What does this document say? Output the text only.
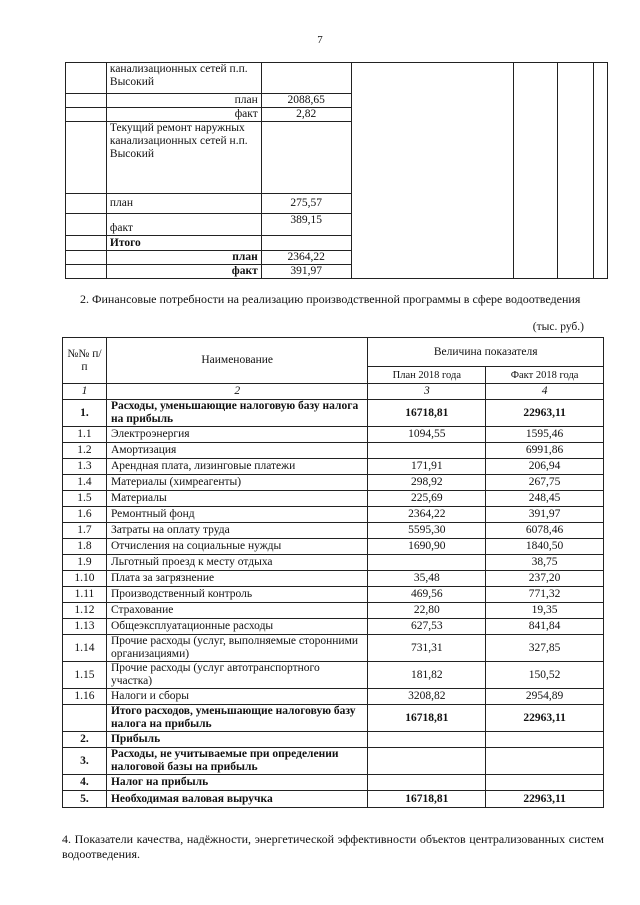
7
	канализационных сетей п.п. Высокий					
	план	2088,65				
	факт	2,82				
	Текущий ремонт наружных канализационных сетей н.п. Высокий					
	план	275,57				
	факт	389,15				
	Итого					
	план	2364,22				
	факт	391,97				
2. Финансовые потребности на реализацию производственной программы в сфере водоотведения
(тыс. руб.)
№№ п/п	Наименование	Величина показателя	
		План 2018 года	Факт 2018 года
1	2	3	4
1.	Расходы, уменьшающие налоговую базу налога на прибыль	16718,81	22963,11
1.1	Электроэнергия	1094,55	1595,46
1.2	Амортизация		6991,86
1.3	Арендная плата, лизинговые платежи	171,91	206,94
1.4	Материалы (химреагенты)	298,92	267,75
1.5	Материалы	225,69	248,45
1.6	Ремонтный фонд	2364,22	391,97
1.7	Затраты на оплату труда	5595,30	6078,46
1.8	Отчисления на социальные нужды	1690,90	1840,50
1.9	Льготный проезд к месту отдыха		38,75
1.10	Плата за загрязнение	35,48	237,20
1.11	Производственный контроль	469,56	771,32
1.12	Страхование	22,80	19,35
1.13	Общеэксплуатационные расходы	627,53	841,84
1.14	Прочие расходы (услуг, выполняемые сторонними организациями)	731,31	327,85
1.15	Прочие расходы (услуг автотранспортного участка)	181,82	150,52
1.16	Налоги и сборы	3208,82	2954,89
	Итого расходов, уменьшающие налоговую базу налога на прибыль	16718,81	22963,11
2.	Прибыль		
3.	Расходы, не учитываемые при определении налоговой базы на прибыль		
4.	Налог на прибыль		
5.	Необходимая валовая выручка	16718,81	22963,11
4. Показатели качества, надёжности, энергетической эффективности объектов централизованных систем водоотведения.
